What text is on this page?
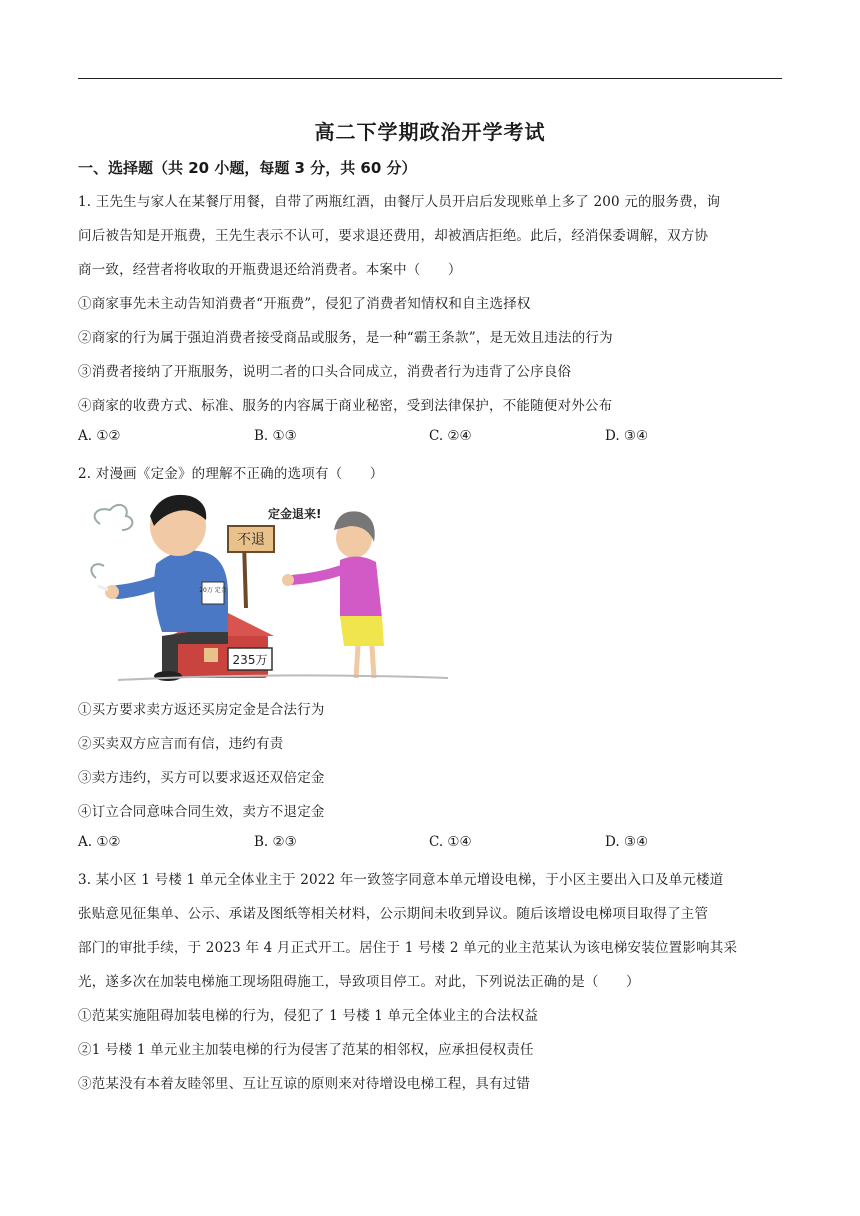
高二下学期政治开学考试
一、选择题（共 20 小题，每题 3 分，共 60 分）
1. 王先生与家人在某餐厅用餐，自带了两瓶红酒，由餐厅人员开启后发现账单上多了 200 元的服务费，询
问后被告知是开瓶费，王先生表示不认可，要求退还费用，却被酒店拒绝。此后，经消保委调解，双方协
商一致，经营者将收取的开瓶费退还给消费者。本案中（　　）
①商家事先未主动告知消费者“开瓶费”，侵犯了消费者知情权和自主选择权
②商家的行为属于强迫消费者接受商品或服务，是一种“霸王条款”，是无效且违法的行为
③消费者接纳了开瓶服务，说明二者的口头合同成立，消费者行为违背了公序良俗
④商家的收费方式、标准、服务的内容属于商业秘密，受到法律保护，不能随便对外公布
A. ①②	B. ①③	C. ②④	D. ③④
2. 对漫画《定金》的理解不正确的选项有（　　）
20万 定金
不退
235万
定金退来!
①买方要求卖方返还买房定金是合法行为
②买卖双方应言而有信，违约有责
③卖方违约，买方可以要求返还双倍定金
④订立合同意味合同生效，卖方不退定金
A. ①②	B. ②③	C. ①④	D. ③④
3. 某小区 1 号楼 1 单元全体业主于 2022 年一致签字同意本单元增设电梯，于小区主要出入口及单元楼道
张贴意见征集单、公示、承诺及图纸等相关材料，公示期间未收到异议。随后该增设电梯项目取得了主管
部门的审批手续，于 2023 年 4 月正式开工。居住于 1 号楼 2 单元的业主范某认为该电梯安装位置影响其采
光，遂多次在加装电梯施工现场阻碍施工，导致项目停工。对此，下列说法正确的是（　　）
①范某实施阻碍加装电梯的行为，侵犯了 1 号楼 1 单元全体业主的合法权益
②1 号楼 1 单元业主加装电梯的行为侵害了范某的相邻权，应承担侵权责任
③范某没有本着友睦邻里、互让互谅的原则来对待增设电梯工程，具有过错
